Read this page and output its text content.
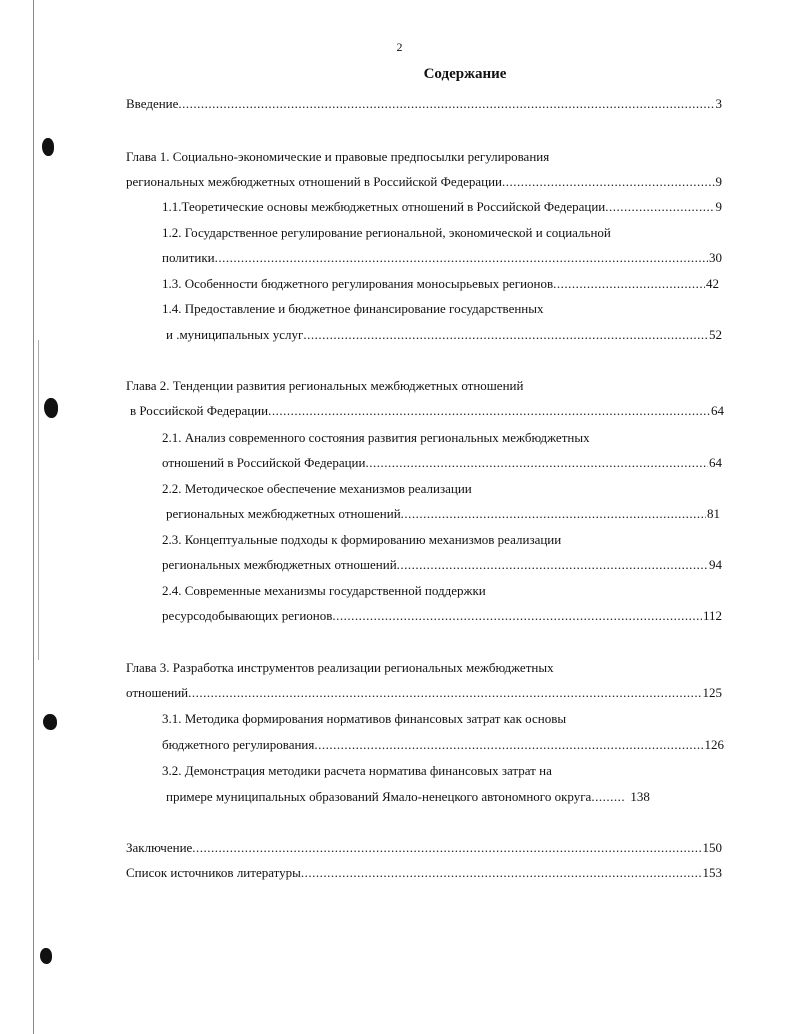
2
Содержание
Введение .....	3
Глава 1. Социально-экономические и правовые предпосылки регулирования
региональных межбюджетных отношений в Российской Федерации .....	9
1.1.Теоретические основы межбюджетных отношений в Российской Федерации .....	9
1.2. Государственное регулирование региональной, экономической и социальной
политики .....	30
1.3. Особенности бюджетного регулирования моносырьевых регионов .....	42
1.4. Предоставление и бюджетное финансирование государственных
и .муниципальных услуг .....	52
Глава 2. Тенденции развития региональных межбюджетных отношений
в Российской Федерации .....	64
2.1. Анализ современного состояния развития региональных межбюджетных
отношений в Российской Федерации .....	64
2.2. Методическое обеспечение механизмов реализации
региональных межбюджетных отношений .....	81
2.3. Концептуальные подходы к формированию механизмов реализации
региональных межбюджетных отношений .....	94
2.4. Современные механизмы государственной поддержки
ресурсодобывающих регионов .....	112
Глава 3. Разработка инструментов реализации региональных межбюджетных
отношений .....	125
3.1. Методика формирования нормативов финансовых затрат как основы
бюджетного регулирования .....	126
3.2. Демонстрация методики расчета норматива финансовых затрат на
примере муниципальных образований Ямало-ненецкого автономного округа .....	138
Заключение .....	150
Список источников литературы .....	153
